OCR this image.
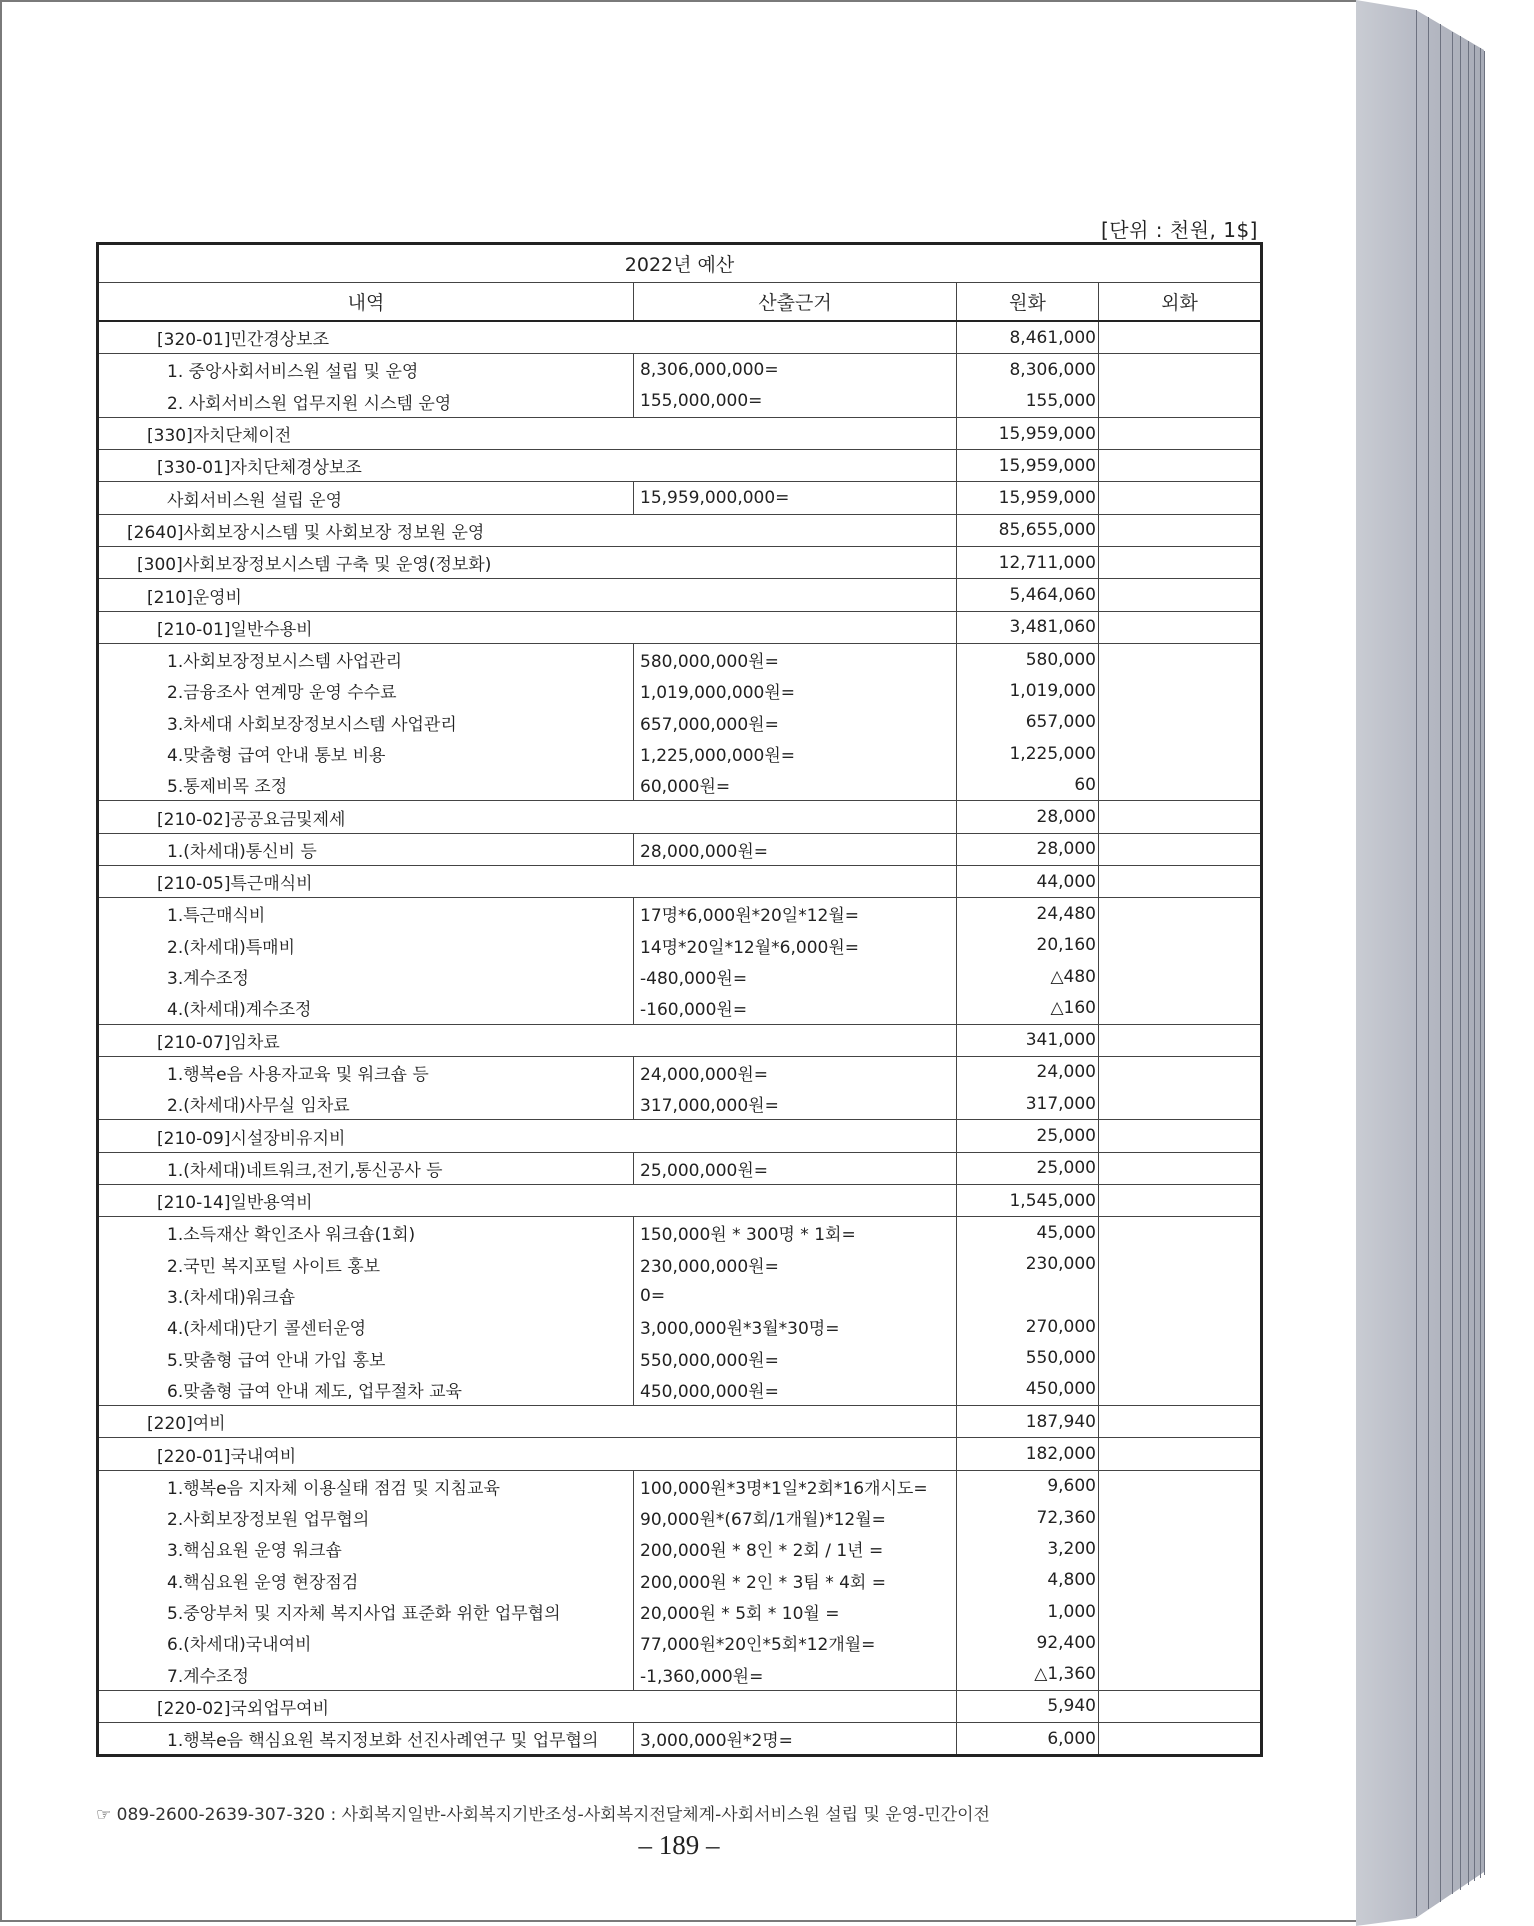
[단위 : 천원, 1$]
2022년 예산			
내역	산출근거	원화	외화
[320-01]민간경상보조		8,461,000	
1. 중앙사회서비스원 설립 및 운영	8,306,000,000=	8,306,000	
2. 사회서비스원 업무지원 시스템 운영	155,000,000=	155,000	
[330]자치단체이전		15,959,000	
[330-01]자치단체경상보조		15,959,000	
사회서비스원 설립 운영	15,959,000,000=	15,959,000	
[2640]사회보장시스템 및 사회보장 정보원 운영		85,655,000	
[300]사회보장정보시스템 구축 및 운영(정보화)		12,711,000	
[210]운영비		5,464,060	
[210-01]일반수용비		3,481,060	
1.사회보장정보시스템 사업관리	580,000,000원=	580,000	
2.금융조사 연계망 운영 수수료	1,019,000,000원=	1,019,000	
3.차세대 사회보장정보시스템 사업관리	657,000,000원=	657,000	
4.맞춤형 급여 안내 통보 비용	1,225,000,000원=	1,225,000	
5.통제비목 조정	60,000원=	60	
[210-02]공공요금및제세		28,000	
1.(차세대)통신비 등	28,000,000원=	28,000	
[210-05]특근매식비		44,000	
1.특근매식비	17명*6,000원*20일*12월=	24,480	
2.(차세대)특매비	14명*20일*12월*6,000원=	20,160	
3.계수조정	-480,000원=	△480	
4.(차세대)계수조정	-160,000원=	△160	
[210-07]임차료		341,000	
1.행복e음 사용자교육 및 워크숍 등	24,000,000원=	24,000	
2.(차세대)사무실 임차료	317,000,000원=	317,000	
[210-09]시설장비유지비		25,000	
1.(차세대)네트워크,전기,통신공사 등	25,000,000원=	25,000	
[210-14]일반용역비		1,545,000	
1.소득재산 확인조사 워크숍(1회)	150,000원 * 300명 * 1회=	45,000	
2.국민 복지포털 사이트 홍보	230,000,000원=	230,000	
3.(차세대)워크숍	0=		
4.(차세대)단기 콜센터운영	3,000,000원*3월*30명=	270,000	
5.맞춤형 급여 안내 가입 홍보	550,000,000원=	550,000	
6.맞춤형 급여 안내 제도, 업무절차 교육	450,000,000원=	450,000	
[220]여비		187,940	
[220-01]국내여비		182,000	
1.행복e음 지자체 이용실태 점검 및 지침교육	100,000원*3명*1일*2회*16개시도=	9,600	
2.사회보장정보원 업무협의	90,000원*(67회/1개월)*12월=	72,360	
3.핵심요원 운영 워크숍	200,000원 * 8인 * 2회 / 1년 =	3,200	
4.핵심요원 운영 현장점검	200,000원 * 2인 * 3팀 * 4회 =	4,800	
5.중앙부처 및 지자체 복지사업 표준화 위한 업무협의	20,000원 * 5회 * 10월 =	1,000	
6.(차세대)국내여비	77,000원*20인*5회*12개월=	92,400	
7.계수조정	-1,360,000원=	△1,360	
[220-02]국외업무여비		5,940	
1.행복e음 핵심요원 복지정보화 선진사례연구 및 업무협의	3,000,000원*2명=	6,000	
☞ 089-2600-2639-307-320 : 사회복지일반-사회복지기반조성-사회복지전달체계-사회서비스원 설립 및 운영-민간이전
– 189 –
